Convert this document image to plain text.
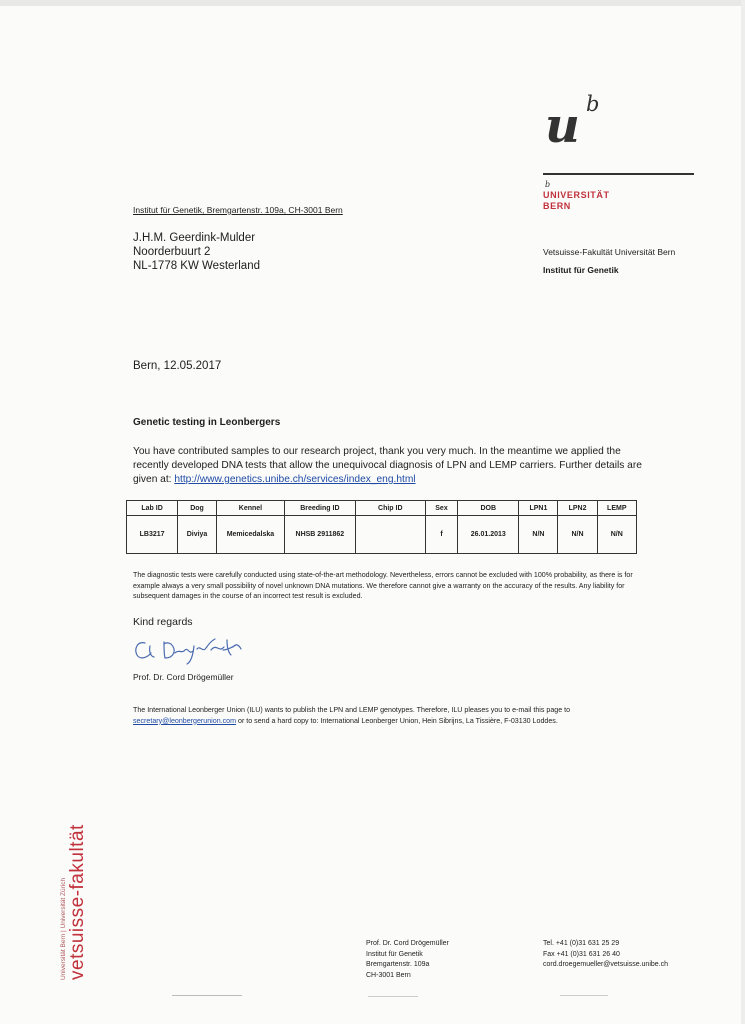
u b
b
UNIVERSITÄT
BERN
Institut für Genetik, Bremgartenstr. 109a, CH-3001 Bern
J.H.M. Geerdink-Mulder
Noorderbuurt 2
NL-1778 KW Westerland
Vetsuisse-Fakultät Universität Bern
Institut für Genetik
Bern, 12.05.2017
Genetic testing in Leonbergers
You have contributed samples to our research project, thank you very much. In the meantime we applied the recently developed DNA tests that allow the unequivocal diagnosis of LPN and LEMP carriers. Further details are given at: http://www.genetics.unibe.ch/services/index_eng.html
Lab ID	Dog	Kennel	Breeding ID	Chip ID	Sex	DOB	LPN1	LPN2	LEMP
LB3217	Diviya	Memicedalska	NHSB 2911862		f	26.01.2013	N/N	N/N	N/N
The diagnostic tests were carefully conducted using state-of-the-art methodology. Nevertheless, errors cannot be excluded with 100% probability, as there is for example always a very small possibility of novel unknown DNA mutations. We therefore cannot give a warranty on the accuracy of the results. Any liability for subsequent damages in the course of an incorrect test result is excluded.
Kind regards
Prof. Dr. Cord Drögemüller
The International Leonberger Union (ILU) wants to publish the LPN and LEMP genotypes. Therefore, ILU pleases you to e-mail this page to secretary@leonbergerunion.com or to send a hard copy to: International Leonberger Union, Hein Sibrijns, La Tissière, F-03130 Loddes.
Universität Bern | Universität Zürich vetsuisse-fakultät	Prof. Dr. Cord Drögemüller
Institut für Genetik
Bremgartenstr. 109a
CH-3001 Bern
Tel. +41 (0)31 631 25 29
Fax +41 (0)31 631 26 40
cord.droegemueller@vetsuisse.unibe.ch
